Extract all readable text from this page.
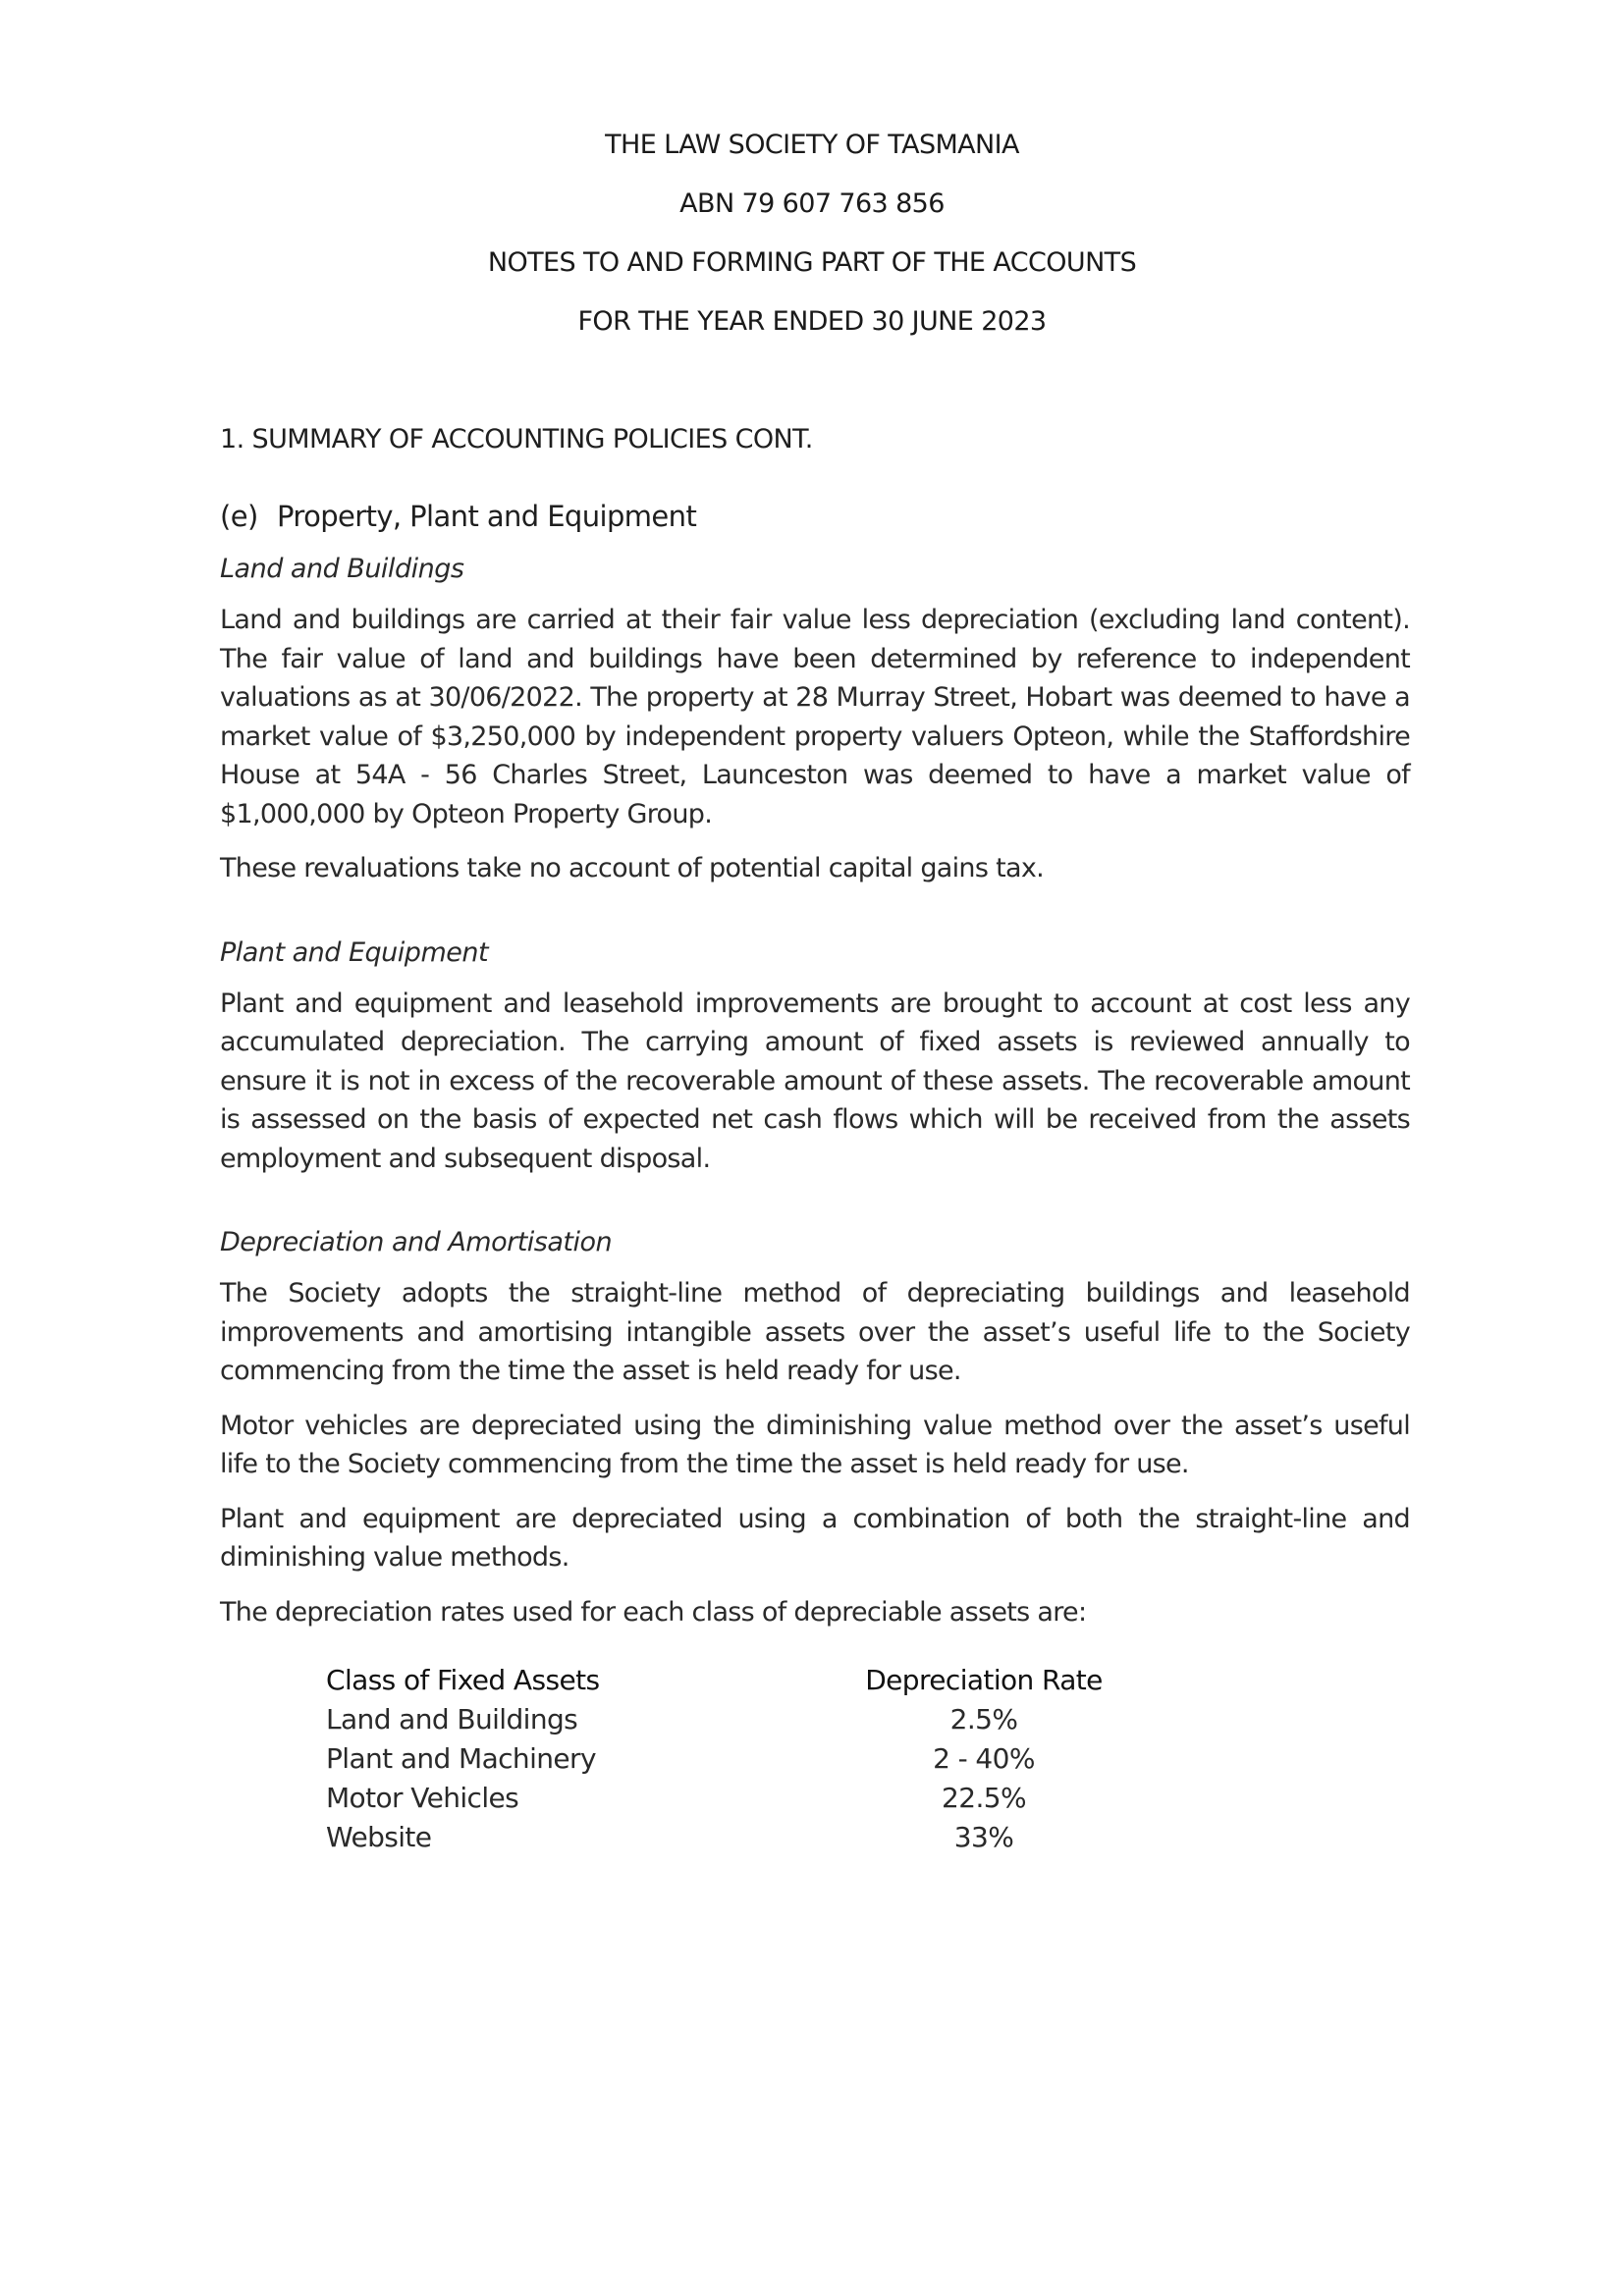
THE LAW SOCIETY OF TASMANIA
ABN 79 607 763 856
NOTES TO AND FORMING PART OF THE ACCOUNTS
FOR THE YEAR ENDED 30 JUNE 2023
1. SUMMARY OF ACCOUNTING POLICIES CONT.
(e) Property, Plant and Equipment
Land and Buildings

Land and buildings are carried at their fair value less depreciation (excluding land content). The fair value of land and buildings have been determined by reference to independent valuations as at 30/06/2022. The property at 28 Murray Street, Hobart was deemed to have a market value of $3,250,000 by independent property valuers Opteon, while the Staffordshire House at 54A - 56 Charles Street, Launceston was deemed to have a market value of $1,000,000 by Opteon Property Group.

These revaluations take no account of potential capital gains tax.

Plant and Equipment

Plant and equipment and leasehold improvements are brought to account at cost less any accumulated depreciation. The carrying amount of fixed assets is reviewed annually to ensure it is not in excess of the recoverable amount of these assets. The recoverable amount is assessed on the basis of expected net cash flows which will be received from the assets employment and subsequent disposal.

Depreciation and Amortisation

The Society adopts the straight-line method of depreciating buildings and leasehold improvements and amortising intangible assets over the asset’s useful life to the Society commencing from the time the asset is held ready for use.

Motor vehicles are depreciated using the diminishing value method over the asset’s useful life to the Society commencing from the time the asset is held ready for use.

Plant and equipment are depreciated using a combination of both the straight-line and diminishing value methods.

The depreciation rates used for each class of depreciable assets are:

Class of Fixed Assets	Depreciation Rate
Land and Buildings	2.5%
Plant and Machinery	2 - 40%
Motor Vehicles	22.5%
Website	33%
